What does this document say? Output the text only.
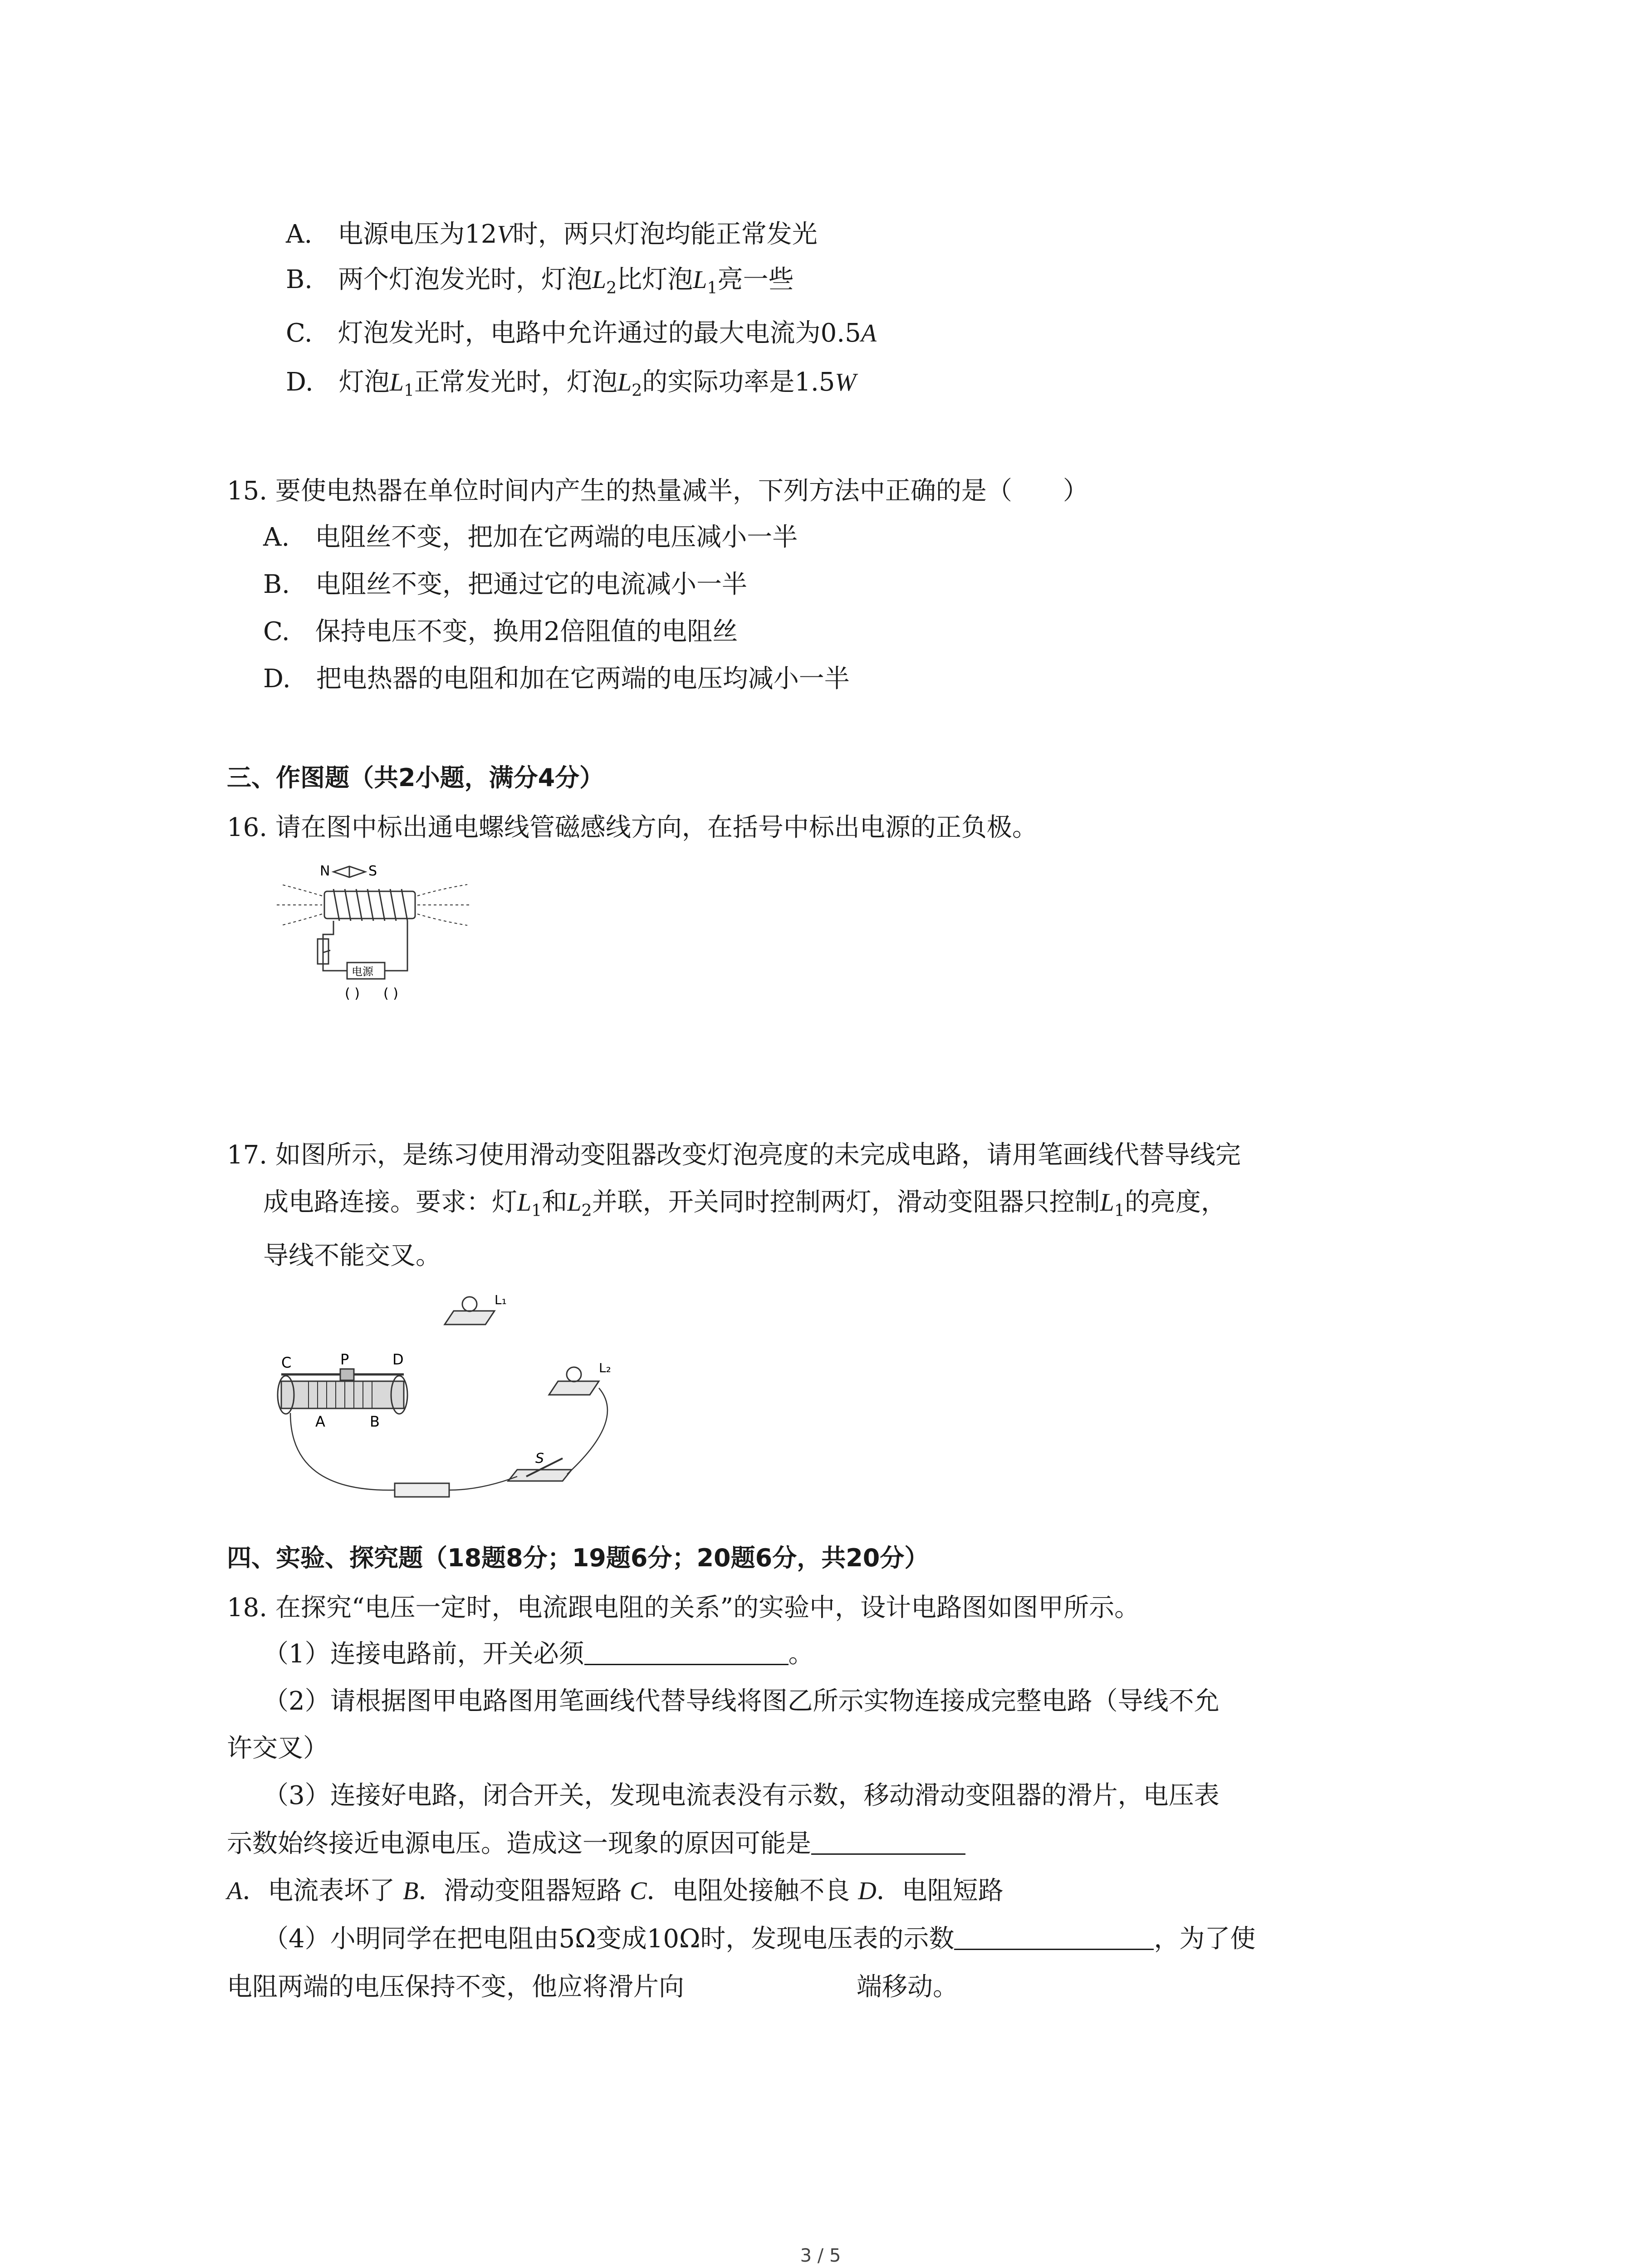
A.　 电源电压为12V时，两只灯泡均能正常发光
B.　 两个灯泡发光时，灯泡$L_2$比灯泡$L_1$亮一些
C.　 灯泡发光时，电路中允许通过的最大电流为0.5A
D.　 灯泡$L_1$正常发光时，灯泡$L_2$的实际功率是1.5W
15. 要使电热器在单位时间内产生的热量减半，下列方法中正确的是（　　）
A.　电阻丝不变，把加在它两端的电压减小一半
B.　电阻丝不变，把通过它的电流减小一半
C.　保持电压不变，换用2倍阻值的电阻丝
D.　把电热器的电阻和加在它两端的电压均减小一半
三、作图题（共2小题，满分4分）
16. 请在图中标出通电螺线管磁感线方向，在括号中标出电源的正负极。
N	S
电源
( ) ( )
17. 如图所示，是练习使用滑动变阻器改变灯泡亮度的未完成电路，请用笔画线代替导线完
成电路连接。要求：灯$L_1$和$L_2$并联，开关同时控制两灯，滑动变阻器只控制$L_1$的亮度，
导线不能交叉。
L₁
L₂
C	P	D
A	B
S
四、实验、探究题（18题8分；19题6分；20题6分，共20分）
18. 在探究“电压一定时，电流跟电阻的关系”的实验中，设计电路图如图甲所示。
（1）连接电路前，开关必须	。
（2）请根据图甲电路图用笔画线代替导线将图乙所示实物连接成完整电路（导线不允
许交叉）
（3）连接好电路，闭合开关，发现电流表没有示数，移动滑动变阻器的滑片，电压表
示数始终接近电源电压。造成这一现象的原因可能是
A．电流表坏了 B．滑动变阻器短路 C．电阻处接触不良 D．电阻短路
（4）小明同学在把电阻由5Ω变成10Ω时，发现电压表的示数	，为了使
电阻两端的电压保持不变，他应将滑片向	端移动。
3 / 5
